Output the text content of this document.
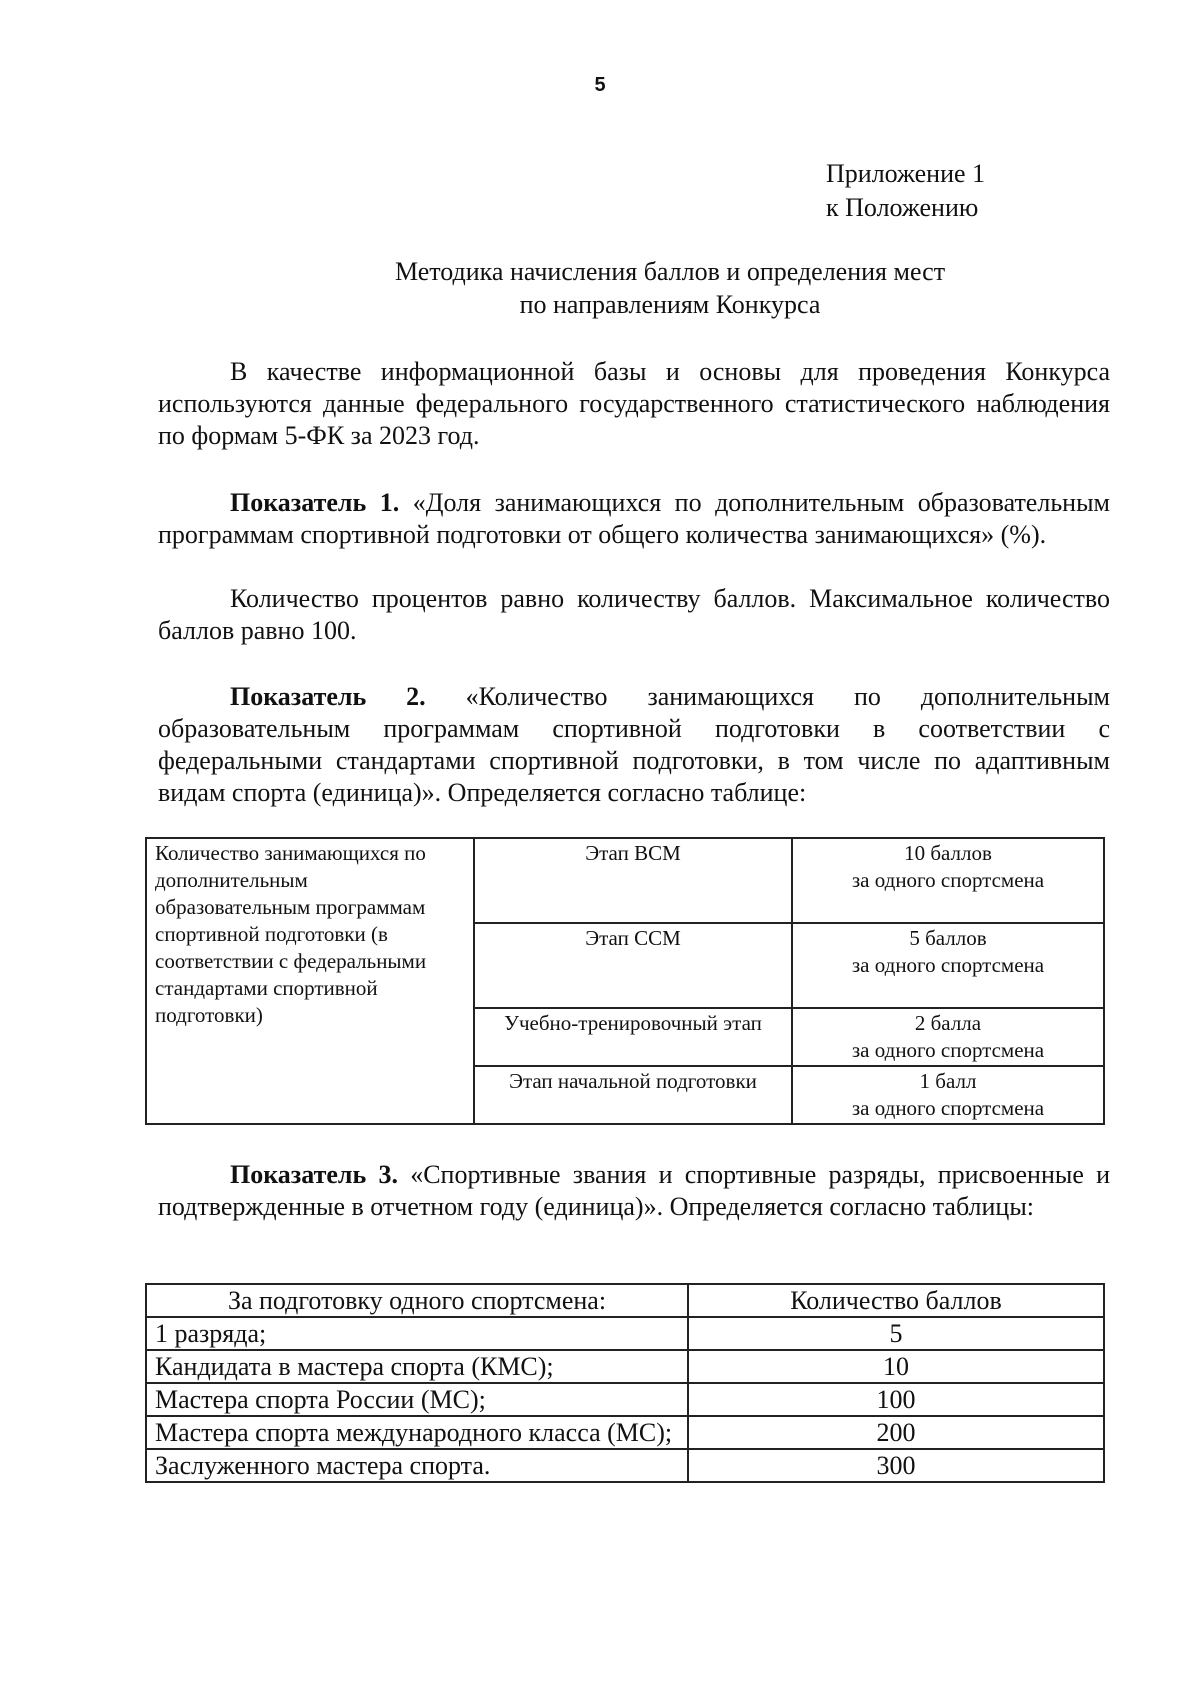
5
Приложение 1
к Положению
Методика начисления баллов и определения мест
по направлениям Конкурса
В качестве информационной базы и основы для проведения Конкурса используются данные федерального государственного статистического наблюдения по формам 5-ФК за 2023 год.
Показатель 1. «Доля занимающихся по дополнительным образовательным программам спортивной подготовки от общего количества занимающихся» (%).
Количество процентов равно количеству баллов. Максимальное количество баллов равно 100.
Показатель 2. «Количество занимающихся по дополнительным образовательным программам спортивной подготовки в соответствии с федеральными стандартами спортивной подготовки, в том числе по адаптивным видам спорта (единица)». Определяется согласно таблице:
Количество занимающихся по дополнительным образовательным программам спортивной подготовки (в соответствии с федеральными стандартами спортивной подготовки)	Этап ВСМ	10 баллов
за одного спортсмена

	Этап ССМ	5 баллов
за одного спортсмена

	Учебно-тренировочный этап	2 балла
за одного спортсмена

	Этап начальной подготовки	1 балл
за одного спортсмена
Показатель 3. «Спортивные звания и спортивные разряды, присвоенные и подтвержденные в отчетном году (единица)». Определяется согласно таблицы:
За подготовку одного спортсмена:	Количество баллов
1 разряда;	5
Кандидата в мастера спорта (КМС);	10
Мастера спорта России (МС);	100
Мастера спорта международного класса (МС);	200
Заслуженного мастера спорта.	300
